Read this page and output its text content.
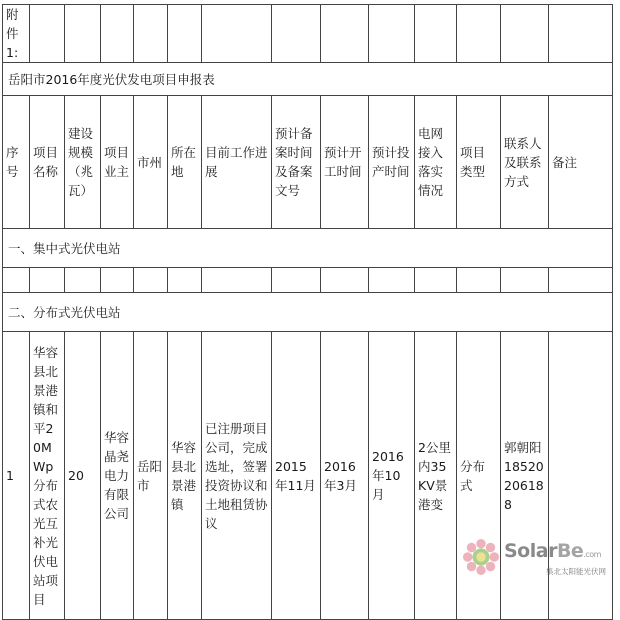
附件1:													

岳阳市2016年度光伏发电项目申报表													

序号	项目名称	建设规模（兆瓦）	项目业主	市州	所在地	目前工作进展	预计备案时间及备案文号	预计开工时间	预计投产时间	电网接入落实情况	项目类型	联系人及联系方式	备注

一、集中式光伏电站													

二、分布式光伏电站													

1	华容县北景港镇和平20MWp分布式农光互补光伏电站项目	20	华容晶尧电力有限公司	岳阳市	华容县北景港镇	已注册项目公司，完成选址，签署投资协议和土地租赁协议	2015年11月	2016年3月	2016年10月	2公里内35KV景港变	分布式	郭朝阳18520206188	

SolarBe.com
集北太阳能光伏网
